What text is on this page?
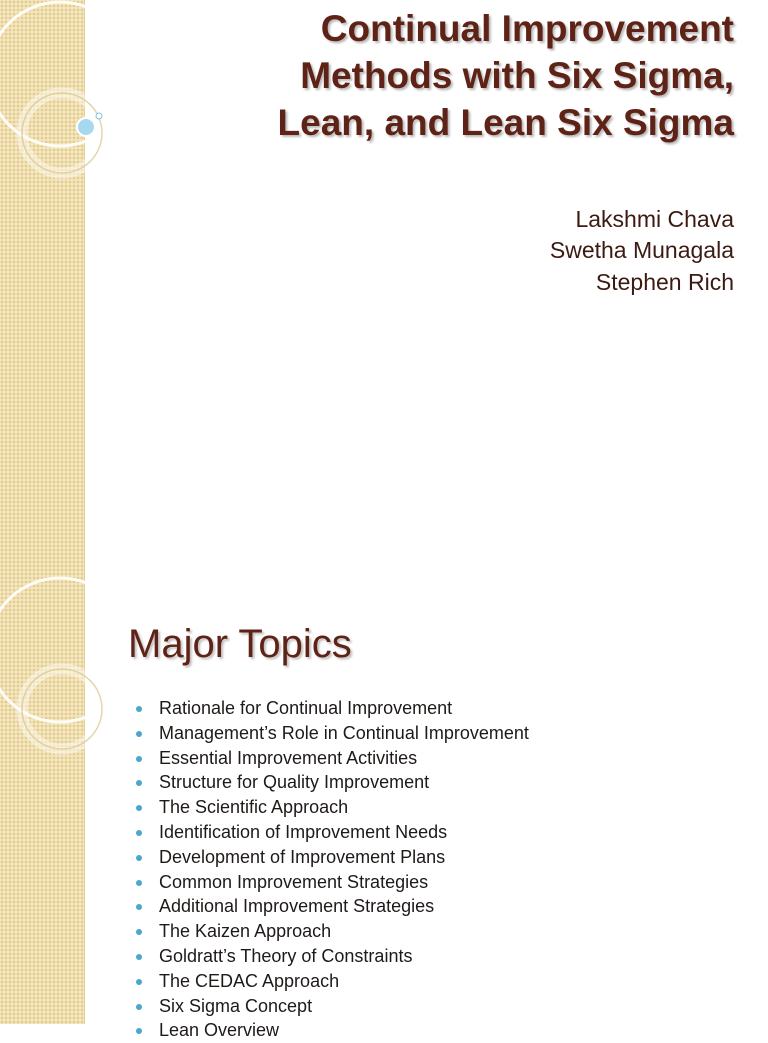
Continual Improvement
Methods with Six Sigma,
Lean, and Lean Six Sigma
Lakshmi Chava
Swetha Munagala
Stephen Rich
Major Topics
Rationale for Continual Improvement
Management’s Role in Continual Improvement
Essential Improvement Activities
Structure for Quality Improvement
The Scientific Approach
Identification of Improvement Needs
Development of Improvement Plans
Common Improvement Strategies
Additional Improvement Strategies
The Kaizen Approach
Goldratt’s Theory of Constraints
The CEDAC Approach
Six Sigma Concept
Lean Overview
